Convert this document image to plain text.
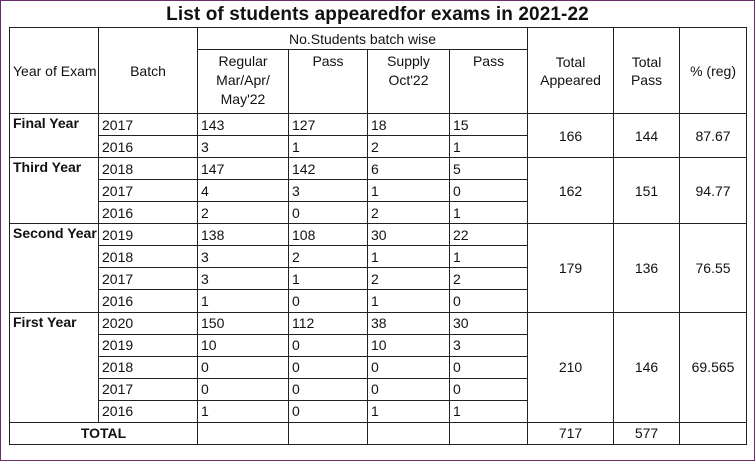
List of students appearedfor exams in 2021-22
Year of Exam	Batch	No.Students batch wise				Total Appeared	Total Pass	% (reg)
		Regular Mar/Apr/ May'22	Pass	Supply Oct'22	Pass			
Final Year	2017	143	127	18	15	166	144	87.67
	2016	3	1	2	1			
Third Year	2018	147	142	6	5	162	151	94.77
	2017	4	3	1	0			
	2016	2	0	2	1			
Second Year	2019	138	108	30	22	179	136	76.55
	2018	3	2	1	1			
	2017	3	1	2	2			
	2016	1	0	1	0			
First Year	2020	150	112	38	30	210	146	69.565
	2019	10	0	10	3			
	2018	0	0	0	0			
	2017	0	0	0	0			
	2016	1	0	1	1			
TOTAL						717	577	
